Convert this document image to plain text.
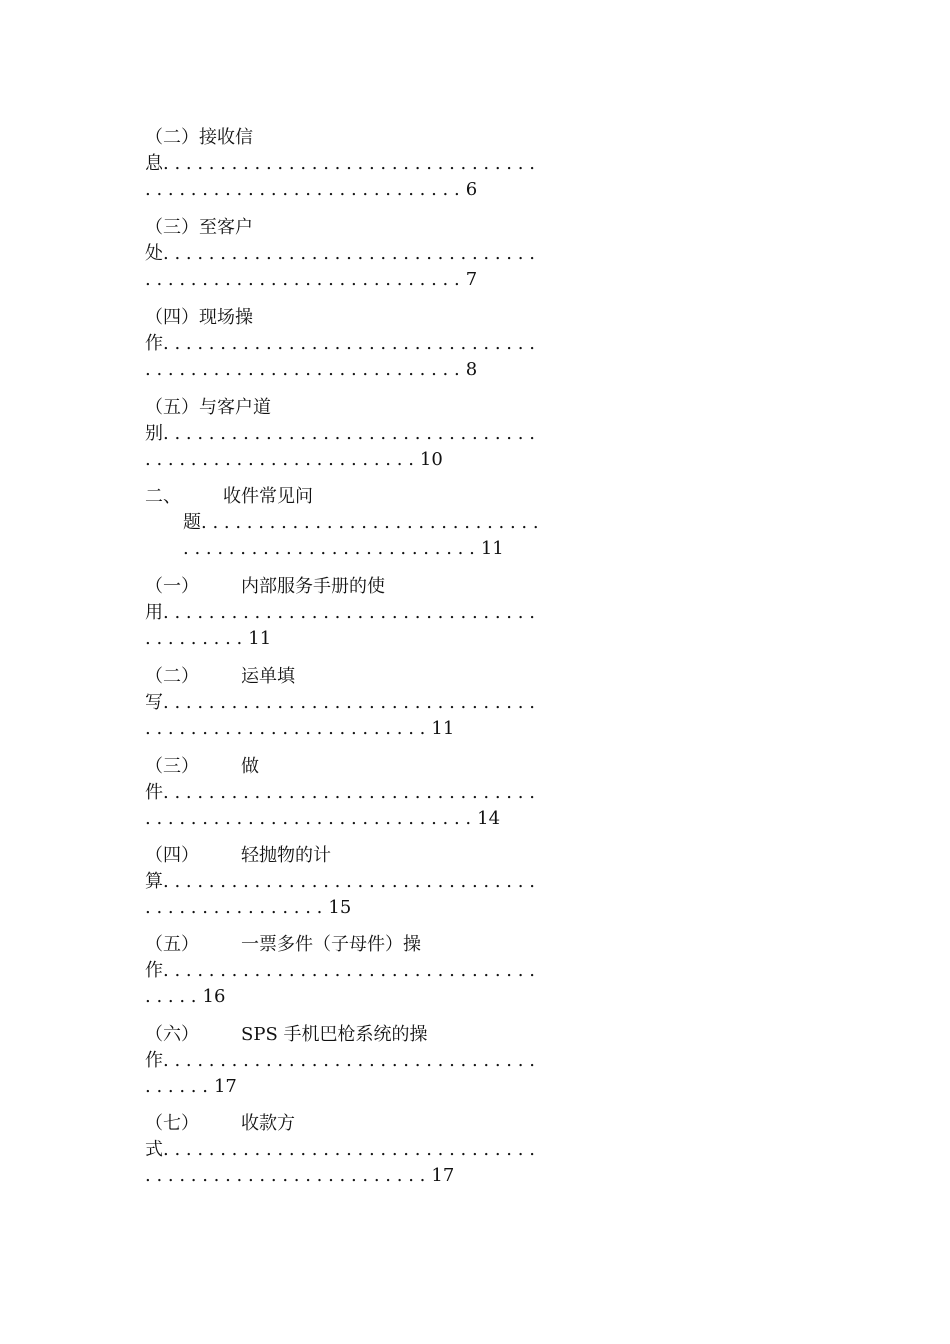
（二）接收信
息. . . . . . . . . . . . . . . . . . . . . . . . . . . . . . . . .
. . . . . . . . . . . . . . . . . . . . . . . . . . . . 6
（三）至客户
处. . . . . . . . . . . . . . . . . . . . . . . . . . . . . . . . .
. . . . . . . . . . . . . . . . . . . . . . . . . . . . 7
（四）现场操
作. . . . . . . . . . . . . . . . . . . . . . . . . . . . . . . . .
. . . . . . . . . . . . . . . . . . . . . . . . . . . . 8
（五）与客户道
别. . . . . . . . . . . . . . . . . . . . . . . . . . . . . . . . .
. . . . . . . . . . . . . . . . . . . . . . . . 10
二、 收件常见问
题. . . . . . . . . . . . . . . . . . . . . . . . . . . . . .
. . . . . . . . . . . . . . . . . . . . . . . . . . 11
（一） 内部服务手册的使
用. . . . . . . . . . . . . . . . . . . . . . . . . . . . . . . . .
. . . . . . . . . 11
（二） 运单填
写. . . . . . . . . . . . . . . . . . . . . . . . . . . . . . . . .
. . . . . . . . . . . . . . . . . . . . . . . . . 11
（三） 做
件. . . . . . . . . . . . . . . . . . . . . . . . . . . . . . . . .
. . . . . . . . . . . . . . . . . . . . . . . . . . . . . 14
（四） 轻抛物的计
算. . . . . . . . . . . . . . . . . . . . . . . . . . . . . . . . .
. . . . . . . . . . . . . . . . 15
（五） 一票多件（子母件）操
作. . . . . . . . . . . . . . . . . . . . . . . . . . . . . . . . .
. . . . . 16
（六） SPS 手机巴枪系统的操
作. . . . . . . . . . . . . . . . . . . . . . . . . . . . . . . . .
. . . . . . 17
（七） 收款方
式. . . . . . . . . . . . . . . . . . . . . . . . . . . . . . . . .
. . . . . . . . . . . . . . . . . . . . . . . . . 17
